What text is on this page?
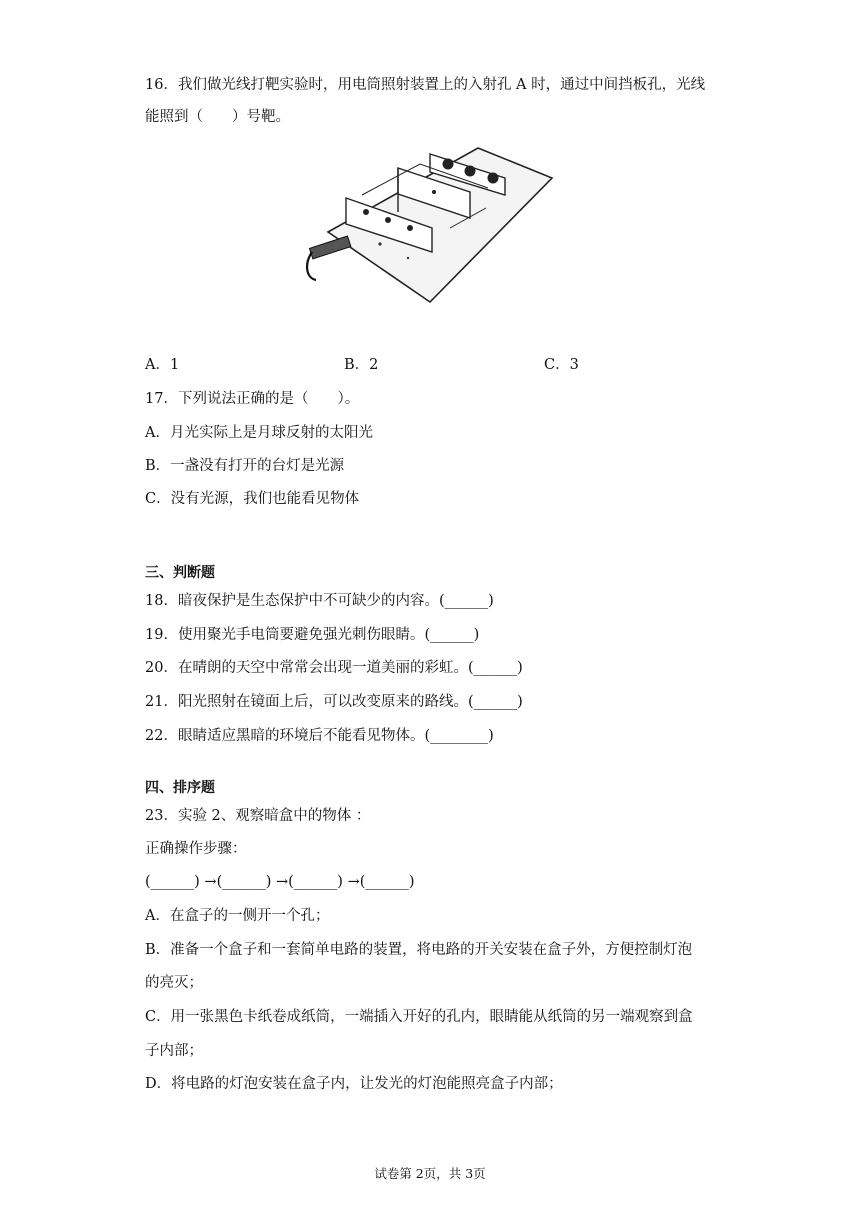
16．我们做光线打靶实验时，用电筒照射装置上的入射孔 A 时，通过中间挡板孔，光线
能照到（　　）号靶。
A．1	B．2	C．3
17．下列说法正确的是（　　）。
A．月光实际上是月球反射的太阳光
B．一盏没有打开的台灯是光源
C．没有光源，我们也能看见物体
三、判断题
18．暗夜保护是生态保护中不可缺少的内容。(______)
19．使用聚光手电筒要避免强光刺伤眼睛。(______)
20．在晴朗的天空中常常会出现一道美丽的彩虹。(______)
21．阳光照射在镜面上后，可以改变原来的路线。(______)
22．眼睛适应黑暗的环境后不能看见物体。(________)
四、排序题
23．实验 2、观察暗盒中的物体 ：
正确操作步骤：
(______) →(______) →(______) →(______)
A．在盒子的一侧开一个孔；
B．准备一个盒子和一套简单电路的装置，将电路的开关安装在盒子外，方便控制灯泡
的亮灭；
C．用一张黑色卡纸卷成纸筒，一端插入开好的孔内，眼睛能从纸筒的另一端观察到盒
子内部；
D．将电路的灯泡安装在盒子内，让发光的灯泡能照亮盒子内部；
试卷第 2页，共 3页
